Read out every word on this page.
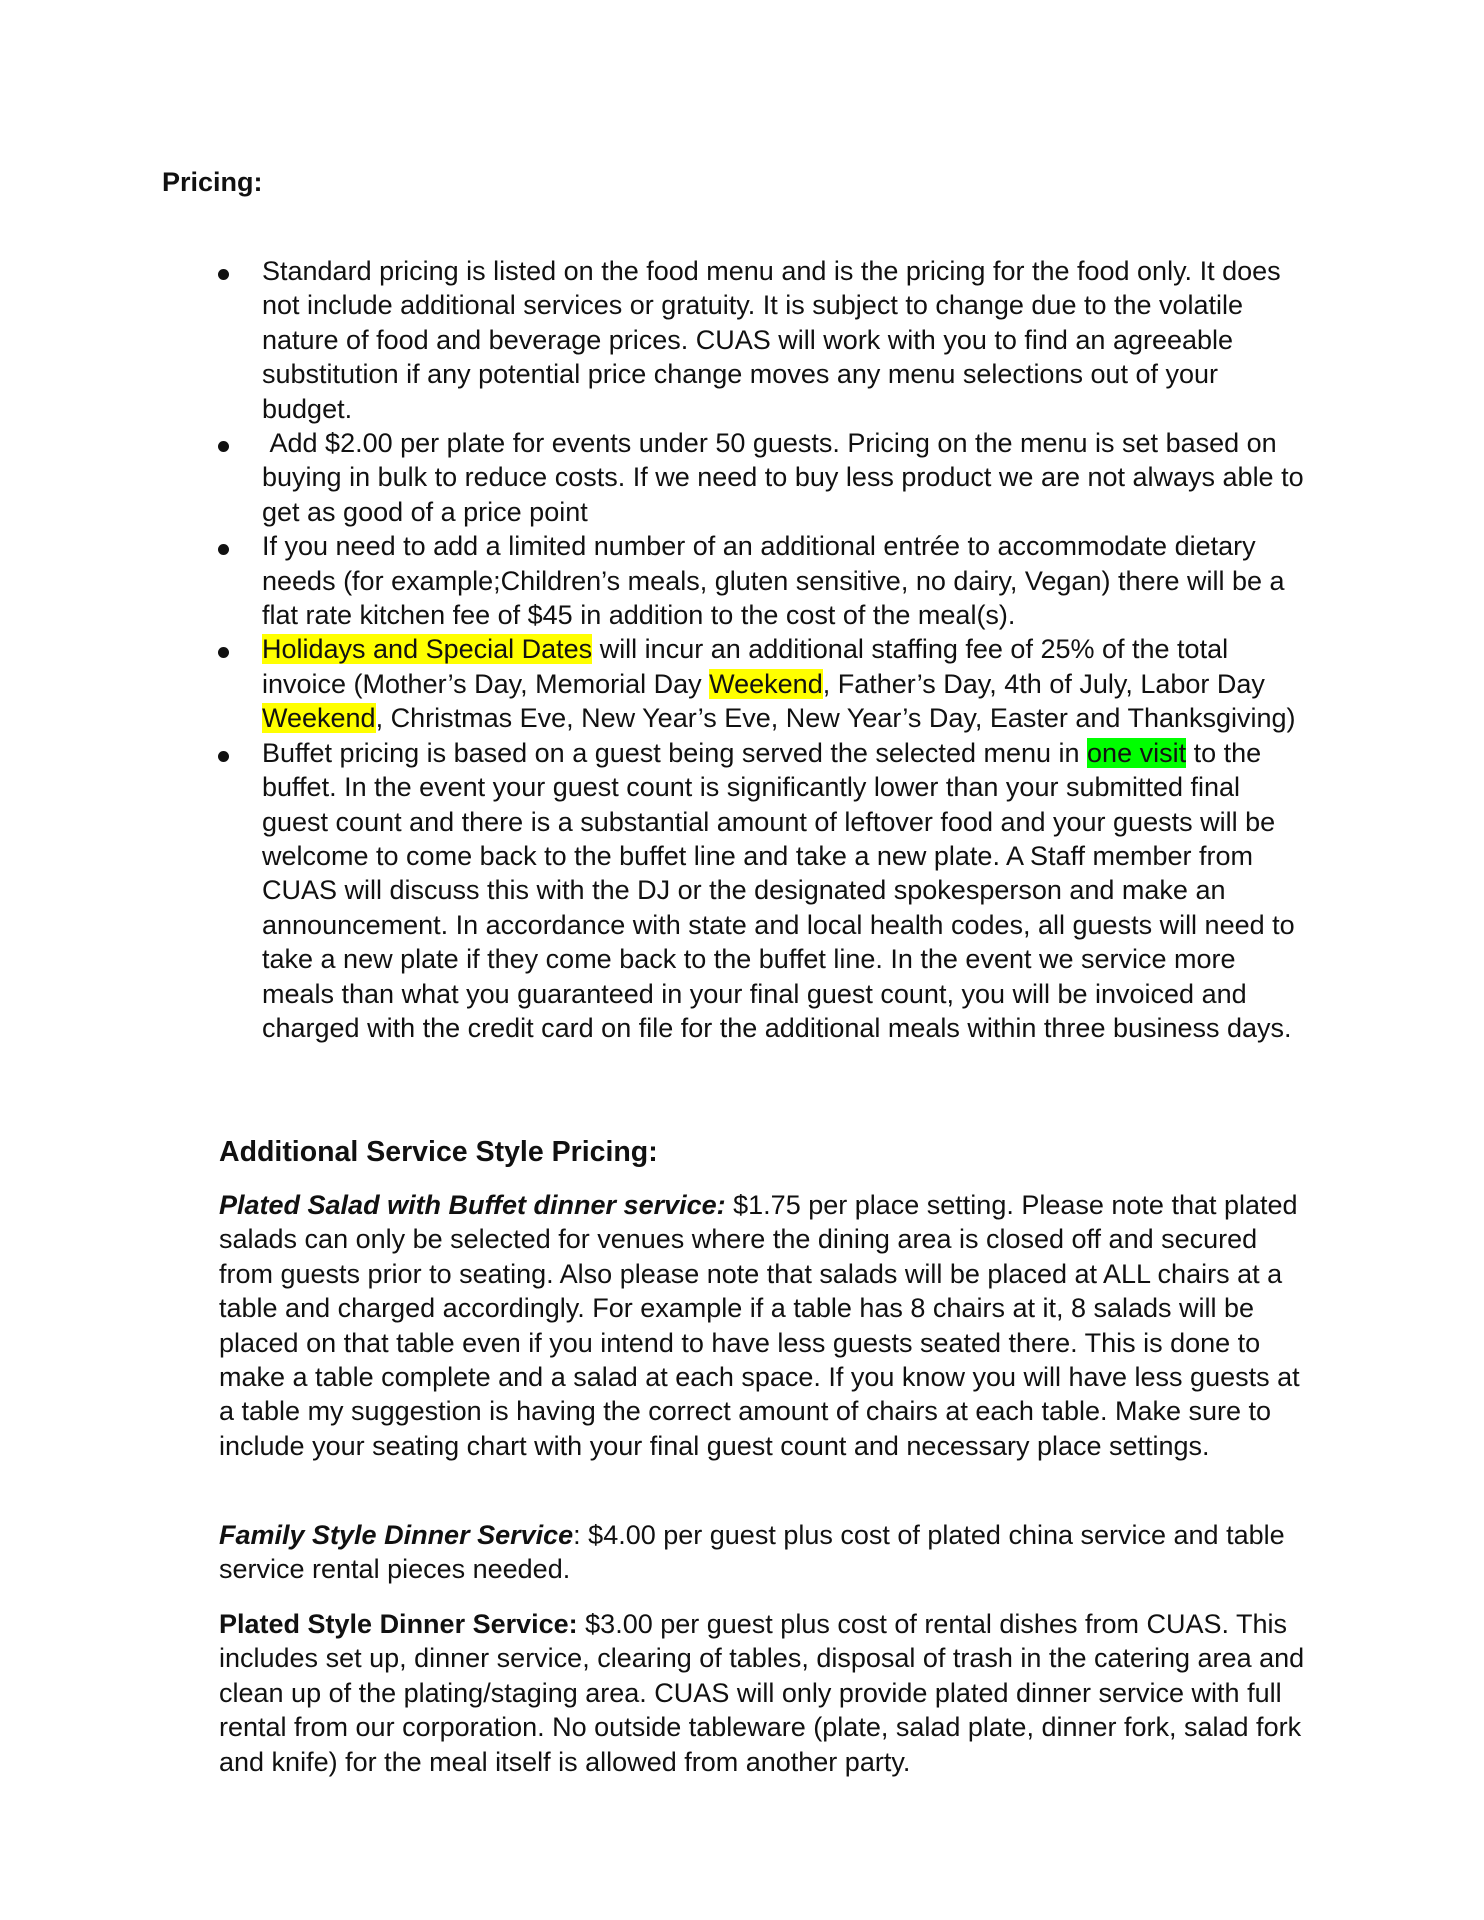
Pricing:
Standard pricing is listed on the food menu and is the pricing for the food only. It does not include additional services or gratuity. It is subject to change due to the volatile nature of food and beverage prices. CUAS will work with you to find an agreeable substitution if any potential price change moves any menu selections out of your budget.
Add $2.00 per plate for events under 50 guests. Pricing on the menu is set based on buying in bulk to reduce costs. If we need to buy less product we are not always able to get as good of a price point
If you need to add a limited number of an additional entrée to accommodate dietary needs (for example;Children’s meals, gluten sensitive, no dairy, Vegan) there will be a flat rate kitchen fee of $45 in addition to the cost of the meal(s).
Holidays and Special Dates will incur an additional staffing fee of 25% of the total invoice (Mother’s Day, Memorial Day Weekend, Father’s Day, 4th of July, Labor Day Weekend, Christmas Eve, New Year’s Eve, New Year’s Day, Easter and Thanksgiving)
Buffet pricing is based on a guest being served the selected menu in one visit to the buffet. In the event your guest count is significantly lower than your submitted final guest count and there is a substantial amount of leftover food and your guests will be welcome to come back to the buffet line and take a new plate. A Staff member from CUAS will discuss this with the DJ or the designated spokesperson and make an announcement. In accordance with state and local health codes, all guests will need to take a new plate if they come back to the buffet line. In the event we service more meals than what you guaranteed in your final guest count, you will be invoiced and charged with the credit card on file for the additional meals within three business days.
Additional Service Style Pricing:

Plated Salad with Buffet dinner service: $1.75 per place setting. Please note that plated salads can only be selected for venues where the dining area is closed off and secured from guests prior to seating. Also please note that salads will be placed at ALL chairs at a table and charged accordingly. For example if a table has 8 chairs at it, 8 salads will be placed on that table even if you intend to have less guests seated there. This is done to make a table complete and a salad at each space. If you know you will have less guests at a table my suggestion is having the correct amount of chairs at each table. Make sure to include your seating chart with your final guest count and necessary place settings.

Family Style Dinner Service: $4.00 per guest plus cost of plated china service and table service rental pieces needed.

Plated Style Dinner Service: $3.00 per guest plus cost of rental dishes from CUAS. This includes set up, dinner service, clearing of tables, disposal of trash in the catering area and clean up of the plating/staging area. CUAS will only provide plated dinner service with full rental from our corporation. No outside tableware (plate, salad plate, dinner fork, salad fork and knife) for the meal itself is allowed from another party.
